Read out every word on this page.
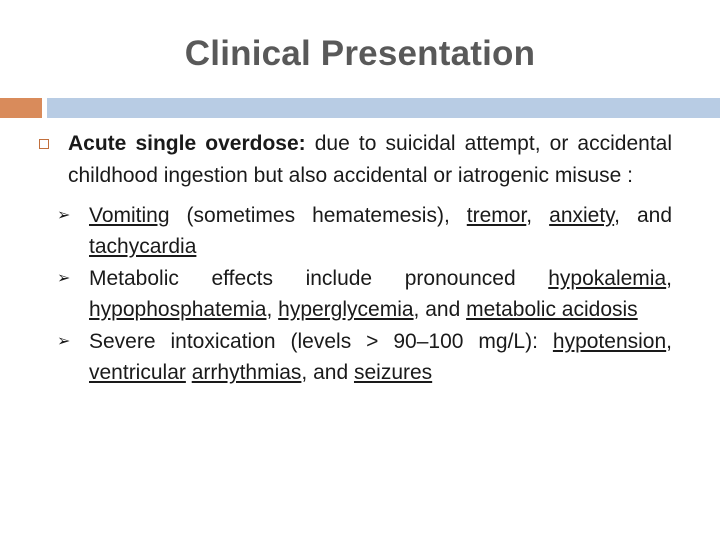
Clinical Presentation
Acute single overdose: due to suicidal attempt, or accidental childhood ingestion but also accidental or iatrogenic misuse :
➢ Vomiting (sometimes hematemesis), tremor, anxiety, and tachycardia
➢ Metabolic effects include pronounced hypokalemia, hypophosphatemia, hyperglycemia, and metabolic acidosis
➢ Severe intoxication (levels > 90–100 mg/L): hypotension, ventricular arrhythmias, and seizures
